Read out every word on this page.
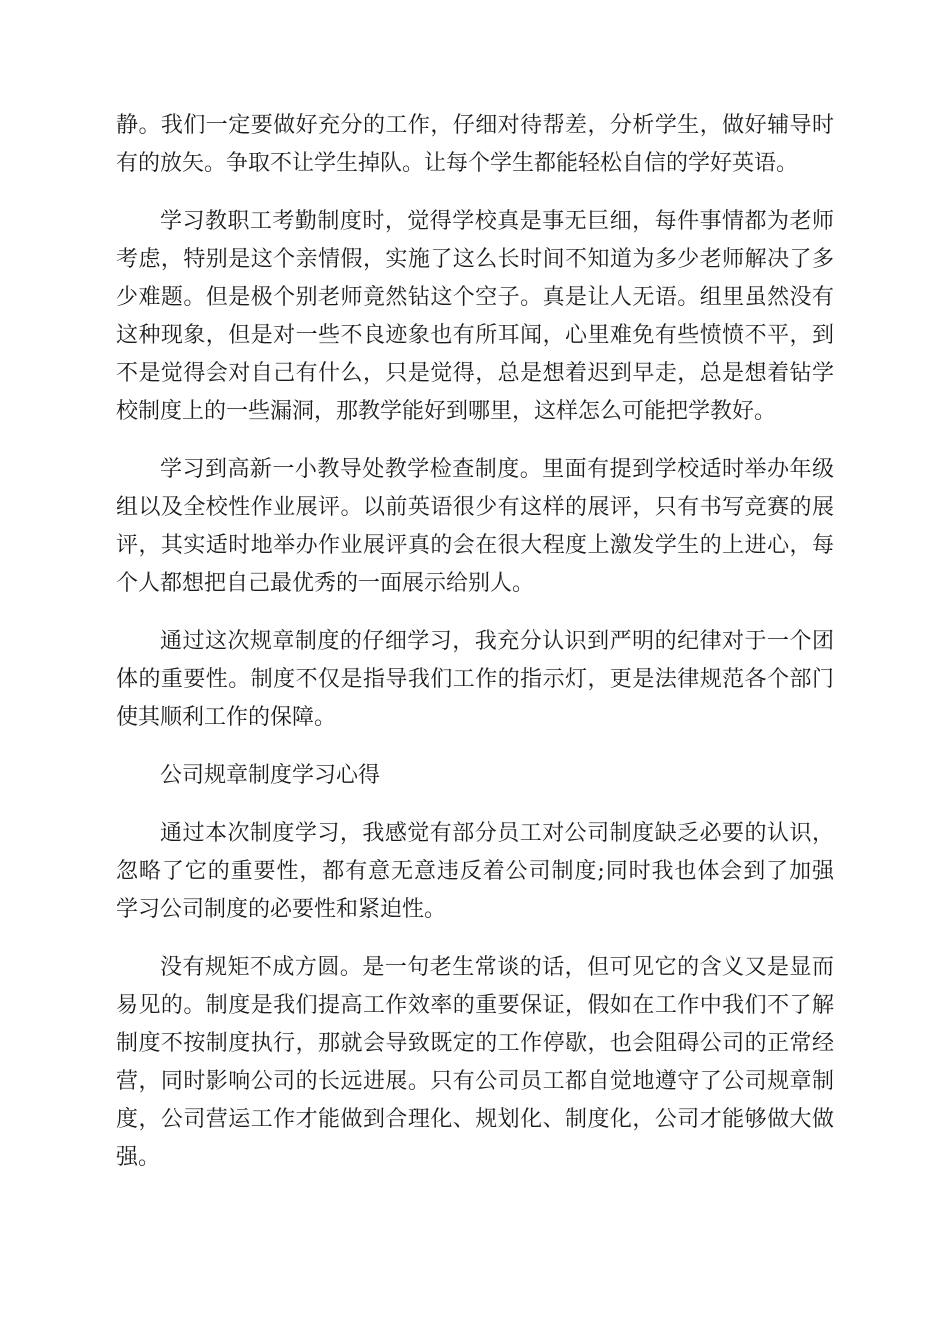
静。我们一定要做好充分的工作，仔细对待帮差，分析学生，做好辅导时
有的放矢。争取不让学生掉队。让每个学生都能轻松自信的学好英语。
学习教职工考勤制度时，觉得学校真是事无巨细，每件事情都为老师
考虑，特别是这个亲情假，实施了这么长时间不知道为多少老师解决了多
少难题。但是极个别老师竟然钻这个空子。真是让人无语。组里虽然没有
这种现象，但是对一些不良迹象也有所耳闻，心里难免有些愤愤不平，到
不是觉得会对自己有什么，只是觉得，总是想着迟到早走，总是想着钻学
校制度上的一些漏洞，那教学能好到哪里，这样怎么可能把学教好。
学习到高新一小教导处教学检查制度。里面有提到学校适时举办年级
组以及全校性作业展评。以前英语很少有这样的展评，只有书写竞赛的展
评，其实适时地举办作业展评真的会在很大程度上激发学生的上进心，每
个人都想把自己最优秀的一面展示给别人。
通过这次规章制度的仔细学习，我充分认识到严明的纪律对于一个团
体的重要性。制度不仅是指导我们工作的指示灯，更是法律规范各个部门
使其顺利工作的保障。
公司规章制度学习心得
通过本次制度学习，我感觉有部分员工对公司制度缺乏必要的认识，
忽略了它的重要性，都有意无意违反着公司制度;同时我也体会到了加强
学习公司制度的必要性和紧迫性。
没有规矩不成方圆。是一句老生常谈的话，但可见它的含义又是显而
易见的。制度是我们提高工作效率的重要保证，假如在工作中我们不了解
制度不按制度执行，那就会导致既定的工作停歇，也会阻碍公司的正常经
营，同时影响公司的长远进展。只有公司员工都自觉地遵守了公司规章制
度，公司营运工作才能做到合理化、规划化、制度化，公司才能够做大做
强。
